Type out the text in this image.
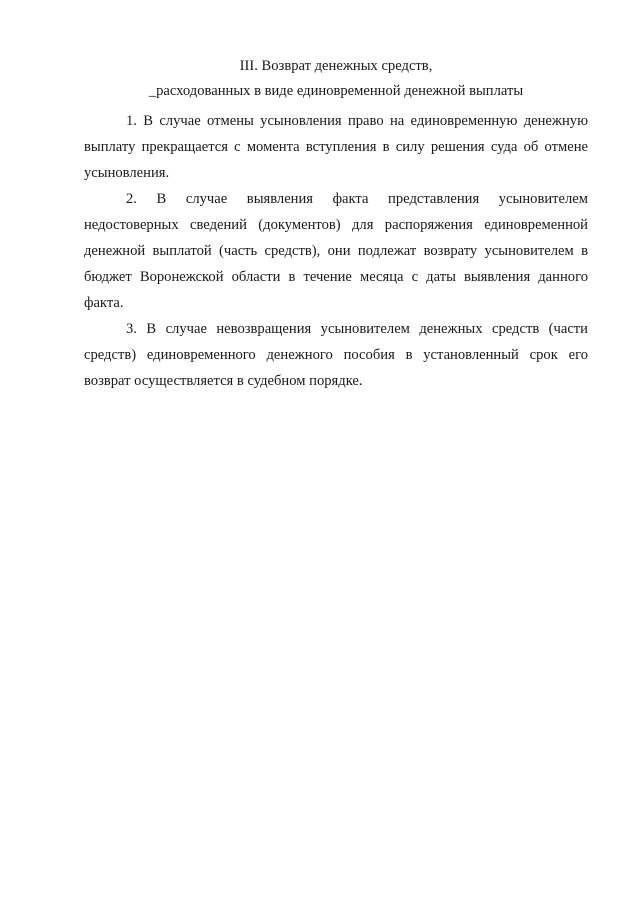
III. Возврат денежных средств,
_расходованных в виде единовременной денежной выплаты

1. В случае отмены усыновления право на единовременную денежную выплату прекращается с момента вступления в силу решения суда об отмене усыновления.

2. В случае выявления факта представления усыновителем недостоверных сведений (документов) для распоряжения единовременной денежной выплатой (часть средств), они подлежат возврату усыновителем в бюджет Воронежской области в течение месяца с даты выявления данного факта.

3. В случае невозвращения усыновителем денежных средств (части средств) единовременного денежного пособия в установленный срок его возврат осуществляется в судебном порядке.
